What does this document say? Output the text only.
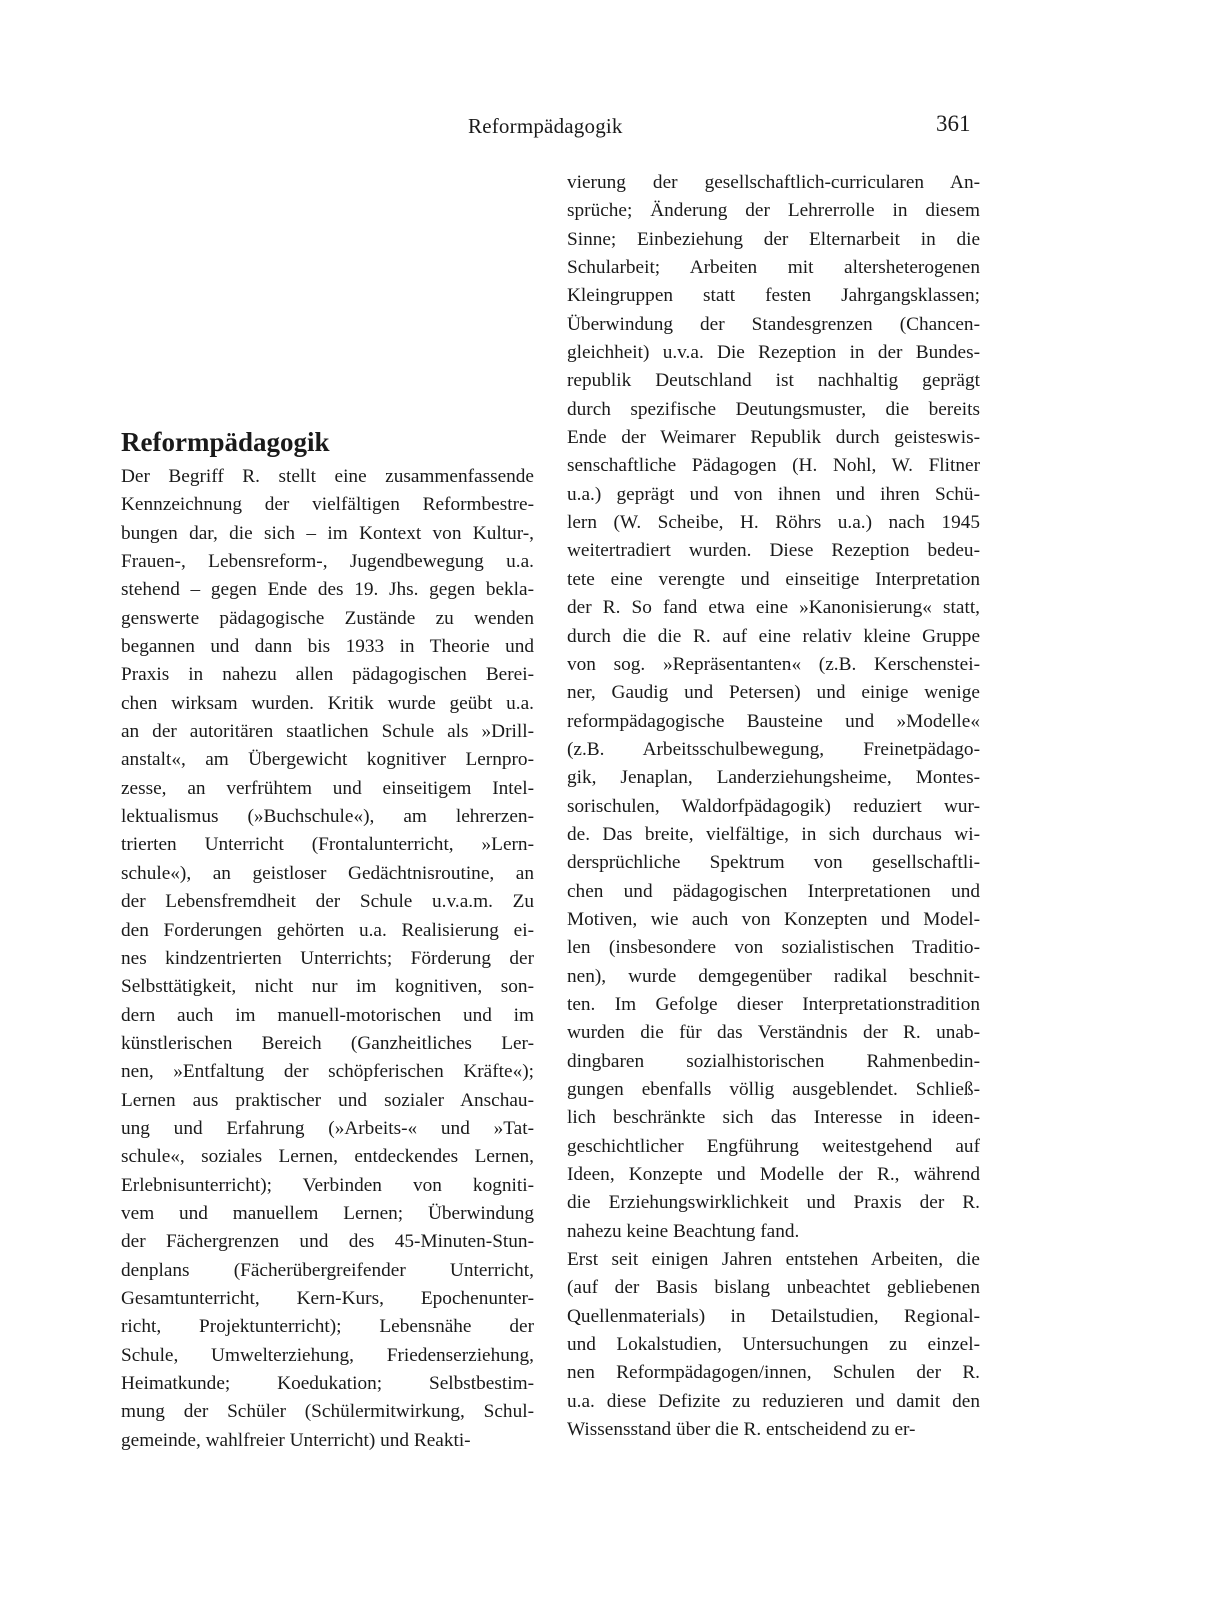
Reformpädagogik	361
Reformpädagogik
Der Begriff R. stellt eine zusammenfassende
Kennzeichnung der vielfältigen Reformbestre-
bungen dar, die sich – im Kontext von Kultur-,
Frauen-, Lebensreform-, Jugendbewegung u.a.
stehend – gegen Ende des 19. Jhs. gegen bekla-
genswerte pädagogische Zustände zu wenden
begannen und dann bis 1933 in Theorie und
Praxis in nahezu allen pädagogischen Berei-
chen wirksam wurden. Kritik wurde geübt u.a.
an der autoritären staatlichen Schule als »Drill-
anstalt«, am Übergewicht kognitiver Lernpro-
zesse, an verfrühtem und einseitigem Intel-
lektualismus (»Buchschule«), am lehrerzen-
trierten Unterricht (Frontalunterricht, »Lern-
schule«), an geistloser Gedächtnisroutine, an
der Lebensfremdheit der Schule u.v.a.m. Zu
den Forderungen gehörten u.a. Realisierung ei-
nes kindzentrierten Unterrichts; Förderung der
Selbsttätigkeit, nicht nur im kognitiven, son-
dern auch im manuell-motorischen und im
künstlerischen Bereich (Ganzheitliches Ler-
nen, »Entfaltung der schöpferischen Kräfte«);
Lernen aus praktischer und sozialer Anschau-
ung und Erfahrung (»Arbeits-« und »Tat-
schule«, soziales Lernen, entdeckendes Lernen,
Erlebnisunterricht); Verbinden von kogniti-
vem und manuellem Lernen; Überwindung
der Fächergrenzen und des 45-Minuten-Stun-
denplans (Fächerübergreifender Unterricht,
Gesamtunterricht, Kern-Kurs, Epochenunter-
richt, Projektunterricht); Lebensnähe der
Schule, Umwelterziehung, Friedenserziehung,
Heimatkunde; Koedukation; Selbstbestim-
mung der Schüler (Schülermitwirkung, Schul-
gemeinde, wahlfreier Unterricht) und Reakti-
vierung der gesellschaftlich-curricularen An-
sprüche; Änderung der Lehrerrolle in diesem
Sinne; Einbeziehung der Elternarbeit in die
Schularbeit; Arbeiten mit altersheterogenen
Kleingruppen statt festen Jahrgangsklassen;
Überwindung der Standesgrenzen (Chancen-
gleichheit) u.v.a. Die Rezeption in der Bundes-
republik Deutschland ist nachhaltig geprägt
durch spezifische Deutungsmuster, die bereits
Ende der Weimarer Republik durch geisteswis-
senschaftliche Pädagogen (H. Nohl, W. Flitner
u.a.) geprägt und von ihnen und ihren Schü-
lern (W. Scheibe, H. Röhrs u.a.) nach 1945
weitertradiert wurden. Diese Rezeption bedeu-
tete eine verengte und einseitige Interpretation
der R. So fand etwa eine »Kanonisierung« statt,
durch die die R. auf eine relativ kleine Gruppe
von sog. »Repräsentanten« (z.B. Kerschenstei-
ner, Gaudig und Petersen) und einige wenige
reformpädagogische Bausteine und »Modelle«
(z.B. Arbeitsschulbewegung, Freinetpädago-
gik, Jenaplan, Landerziehungsheime, Montes-
sorischulen, Waldorfpädagogik) reduziert wur-
de. Das breite, vielfältige, in sich durchaus wi-
dersprüchliche Spektrum von gesellschaftli-
chen und pädagogischen Interpretationen und
Motiven, wie auch von Konzepten und Model-
len (insbesondere von sozialistischen Traditio-
nen), wurde demgegenüber radikal beschnit-
ten. Im Gefolge dieser Interpretationstradition
wurden die für das Verständnis der R. unab-
dingbaren sozialhistorischen Rahmenbedin-
gungen ebenfalls völlig ausgeblendet. Schließ-
lich beschränkte sich das Interesse in ideen-
geschichtlicher Engführung weitestgehend auf
Ideen, Konzepte und Modelle der R., während
die Erziehungswirklichkeit und Praxis der R.
nahezu keine Beachtung fand.
Erst seit einigen Jahren entstehen Arbeiten, die
(auf der Basis bislang unbeachtet gebliebenen
Quellenmaterials) in Detailstudien, Regional-
und Lokalstudien, Untersuchungen zu einzel-
nen Reformpädagogen/innen, Schulen der R.
u.a. diese Defizite zu reduzieren und damit den
Wissensstand über die R. entscheidend zu er-
